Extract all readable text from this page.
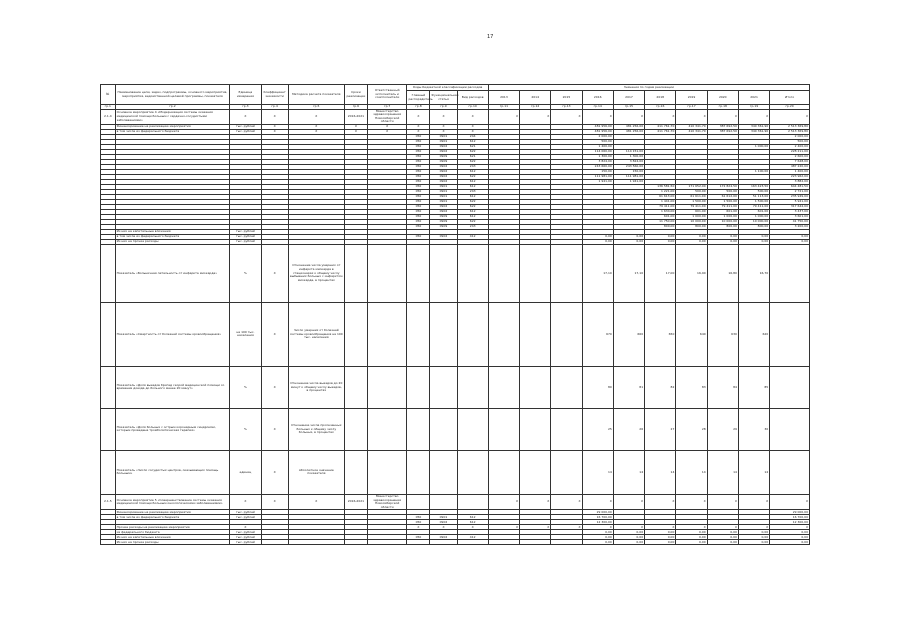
17
№	Наименование цели, задач, подпрограммы, основного мероприятия, мероприятия, ведомственной целевой программы, показателя	Единица измерения	Коэффициент значимости	Методика расчета показателя	Сроки реализации	Ответственный исполнитель и соисполнители	Коды бюджетной классификации расходов			Значения по годам реализации									
							Главный распорядитель	Функциональная статья	Вид расходов	2013	2014	2015	2016	2017	2018	2019	2020	2021	Итого
гр.1	гр.2	гр.3	гр.4	гр.5	гр.6	гр.7	гр.8	гр.9	гр.10	гр.11	гр.12	гр.13	гр.14	гр.15	гр.16	гр.17	гр.18	гр.19	гр.20
2.1.4	Основное мероприятие 4 «Модернизация системы оказания медицинской помощи больным с сердечно-сосудистыми заболеваниями»	Х	Х	Х	2016-2021	Министерство здравоохранения Новосибирской области	Х	Х	Х	Х	Х	Х	Х	Х	Х	Х	Х	Х	Х
	Финансирование на реализацию мероприятия	тыс. рублей	Х	Х	Х	Х	Х	Х	Х				481 956,00	481 256,00	411 761,70	410 341,70	387 692,50	340 361,90	2 513 369,80
	в том числе из федерального бюджета	тыс. рублей	Х	Х	Х	Х	Х	Х	Х				481 956,00	481 256,00	411 761,70	410 341,70	387 692,50	340 361,90	2 513 369,80
							050	0901	244				2 000,00						2 000,00
							050	0901	612				500,00						500,00
							050	0902	621				1 400,00					1 000,00	2 400,00
							050	0902	622				114 060,00	114 151,00					228 211,00
							050	0909	621				1 300,00	1 300,00					2 600,00
							050	0909	622				3 824,00	3 824,00					7 648,00
							050	0902	243				243 660,00	243 560,00					487 220,00
							050	0902	612				150,00	150,00				1 100,00	1 400,00
							050	0902	622				111 981,00	111 981,00					223 962,00
							050	0902	612				1 941,00	1 941,00					3 882,00
							050	0901	612						136 581,50	171 652,00	172 824,50	163 423,50	644 481,50
							050	0901	243						1 221,00	500,00	500,00	500,00	2 721,00
							050	0901	612						61 613,00	61 611,00	61 612,00	51 113,00	235 949,00
							050	0901	622						1 441,00	1 500,00	1 500,00	1 500,00	5 941,00
							050	0902	622						79 411,00	79 411,00	79 411,00	79 411,00	317 644,00
							050	0902	612						1 634,00	601,00	601,00	601,00	3 437,00
							050	0909	612						601,00	1 000,00	1 000,00	1 000,00	3 601,00
							050	0909	622						11 750,00	10 000,00	10 000,00	10 000,00	41 750,00
							050	0909	243						800,00	800,00	800,00	800,00	3 200,00
	Из них на капитальные вложения	тыс. рублей																	
	в том числе из федерального бюджета	тыс. рублей					050	0902	412				0,00	0,00	0,00	0,00	0,00	0,00	0,00
	Из них на прочие расходы	тыс. рублей											0,00	0,00	0,00	0,00	0,00	0,00	0,00
	Показатель «Больничная летальность от инфаркта миокарда»	%	Х	Отношение числа умерших от инфаркта миокарда в стационарах к общему числу выбывших больных с инфарктом миокарда, в процентах									17,10	17,10	17,00	16,90	16,80	16,70	
	Показатель «Смертность от болезней системы кровообращения»	на 100 тыс. населения	Х	Число умерших от болезней системы кровообращения на 100 тыс. населения									670	660	650	640	630	620	
	Показатель «Доля выездов бригад скорой медицинской помощи со временем доезда до больного менее 20 минут»	%	Х	Отношение числа выездов до 20 минут к общему числу выездов, в процентах									80	81	82	83	84	85	
	Показатель «Доля больных с острым коронарным синдромом, которым проведена тромболитическая терапия»	%	Х	Отношение числа пролеченных больных к общему числу больных, в процентах									25	26	27	28	29	30	
	Показатель «Число сосудистых центров, оказывающих помощь больным»	единиц	Х	Абсолютное значение показателя									14	14	14	14	14	14	
2.1.5	Основное мероприятие 5 «Совершенствование системы оказания медицинской помощи больным онкологическими заболеваниями»	Х	Х	Х	2016-2021	Министерство здравоохранения Новосибирской области				Х	Х	Х	Х	Х	Х	Х	Х	Х	Х
	Финансирование на реализацию мероприятия	тыс. рублей											29 000,00						29 000,00
	в том числе из федерального бюджета	тыс. рублей					050	0901	612				16 700,00						16 700,00
							050	0902	612				12 300,00						12 300,00
	Прочие расходы на реализацию мероприятия	Х					Х	Х	Х	Х	Х	Х	Х	Х	Х	Х	Х	Х	Х
	из федерального бюджета	тыс. рублей											0,00	0,00	0,00	0,00	0,00	0,00	0,00
	Из них на капитальные вложения	тыс. рублей					050	0902	412				0,00	0,00	0,00	0,00	0,00	0,00	0,00
	Из них на прочие расходы	тыс. рублей											0,00	0,00	0,00	0,00	0,00	0,00	0,00
